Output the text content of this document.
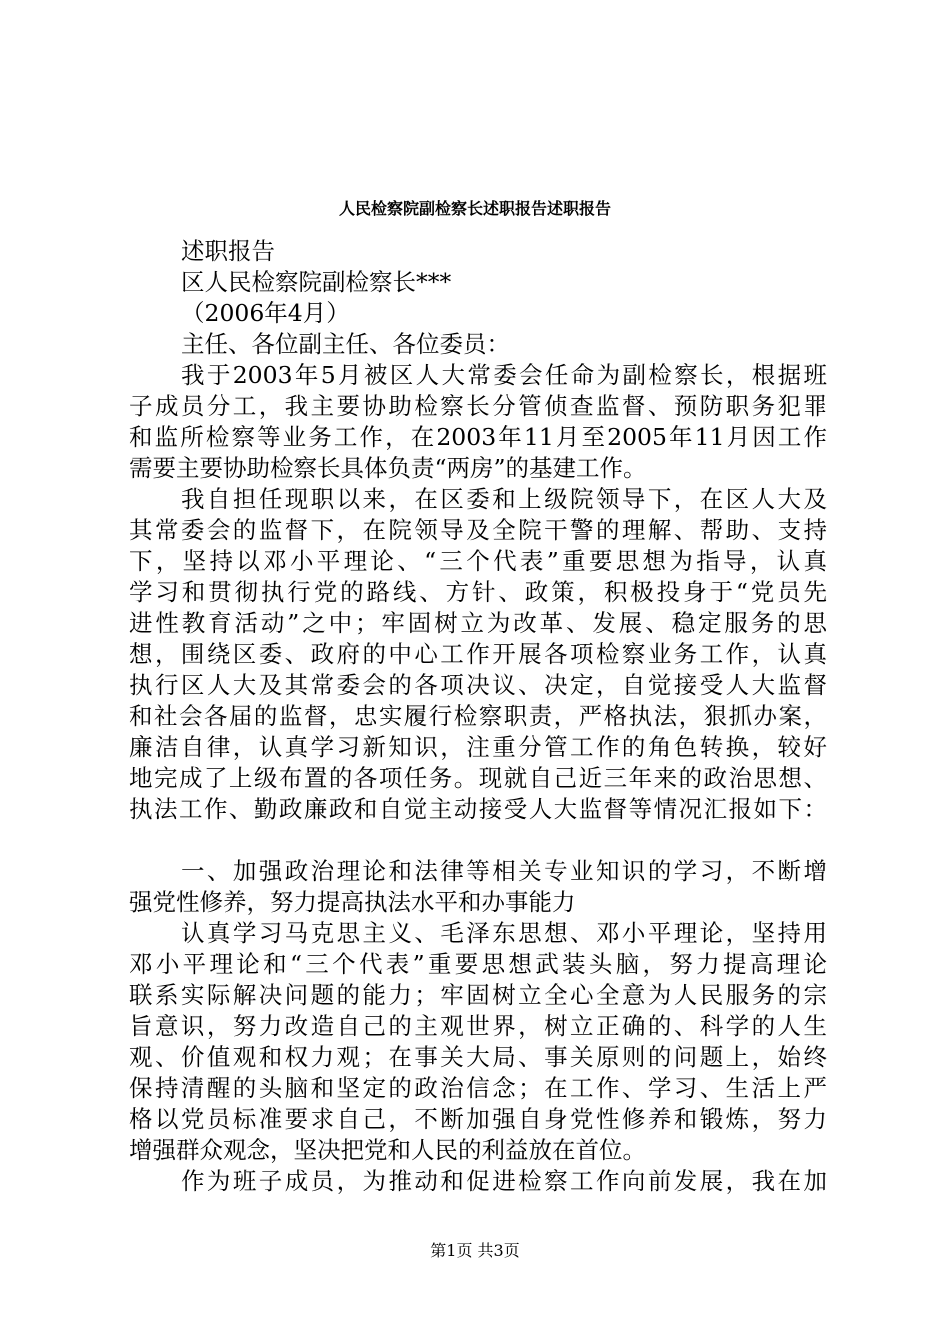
人民检察院副检察长述职报告述职报告
述职报告
区人民检察院副检察长***
（2006年4月）
主任、各位副主任、各位委员：
我于2003年5月被区人大常委会任命为副检察长，根据班
子成员分工，我主要协助检察长分管侦查监督、预防职务犯罪
和监所检察等业务工作，在2003年11月至2005年11月因工作
需要主要协助检察长具体负责“两房”的基建工作。
我自担任现职以来，在区委和上级院领导下，在区人大及
其常委会的监督下，在院领导及全院干警的理解、帮助、支持
下，坚持以邓小平理论、“三个代表”重要思想为指导，认真
学习和贯彻执行党的路线、方针、政策，积极投身于“党员先
进性教育活动”之中；牢固树立为改革、发展、稳定服务的思
想，围绕区委、政府的中心工作开展各项检察业务工作，认真
执行区人大及其常委会的各项决议、决定，自觉接受人大监督
和社会各届的监督，忠实履行检察职责，严格执法，狠抓办案，
廉洁自律，认真学习新知识，注重分管工作的角色转换，较好
地完成了上级布置的各项任务。现就自己近三年来的政治思想、
执法工作、勤政廉政和自觉主动接受人大监督等情况汇报如下：
一、加强政治理论和法律等相关专业知识的学习，不断增
强党性修养，努力提高执法水平和办事能力
认真学习马克思主义、毛泽东思想、邓小平理论，坚持用
邓小平理论和“三个代表”重要思想武装头脑，努力提高理论
联系实际解决问题的能力；牢固树立全心全意为人民服务的宗
旨意识，努力改造自己的主观世界，树立正确的、科学的人生
观、价值观和权力观；在事关大局、事关原则的问题上，始终
保持清醒的头脑和坚定的政治信念；在工作、学习、生活上严
格以党员标准要求自己，不断加强自身党性修养和锻炼，努力
增强群众观念，坚决把党和人民的利益放在首位。
作为班子成员，为推动和促进检察工作向前发展，我在加
第1页 共3页
